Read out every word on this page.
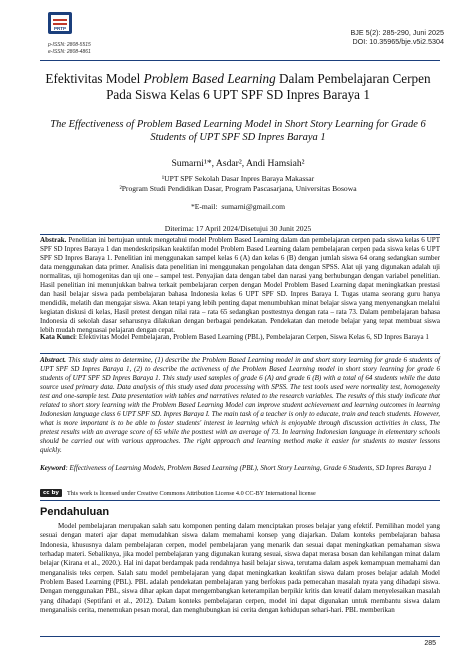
PRTP
p-ISSN: 2808-5515
e-ISSN: 2808-4861
BJE 5(2): 285-290, Juni 2025
DOI: 10.35965/bje.v5i2.5304
Efektivitas Model Problem Based Learning Dalam Pembelajaran Cerpen Pada Siswa Kelas 6 UPT SPF SD Inpres Baraya 1
The Effectiveness of Problem Based Learning Model in Short Story Learning for Grade 6 Students of UPT SPF SD Inpres Baraya 1
Sumarni¹*, Asdar², Andi Hamsiah²
¹UPT SPF Sekolah Dasar Inpres Baraya Makassar
²Program Studi Pendidikan Dasar, Program Pascasarjana, Universitas Bosowa
*E-mail: sumarni@gmail.com
Diterima: 17 April 2024/Disetujui 30 Junit 2025

Abstrak. Penelitian ini bertujuan untuk mengetahui model Problem Based Learning dalam dan pembelajaran cerpen pada siswa kelas 6 UPT SPF SD Inpres Baraya 1 dan mendeskripsikan keaktifan model Problem Based Learning dalam pembelajaran cerpen pada siswa kelas 6 UPT SPF SD Inpres Baraya 1. Penelitian ini menggunakan sampel kelas 6 (A) dan kelas 6 (B) dengan jumlah siswa 64 orang sedangkan sumber data menggunakan data primer. Analisis data penelitian ini menggunakan pengolahan data dengan SPSS. Alat uji yang digunakan adalah uji normalitas, uji homogenitas dan uji one – sampel test. Penyajian data dengan tabel dan narasi yang berhubungan dengan variabel penelitian. Hasil penelitian ini menunjukkan bahwa terkait pembelajaran cerpen dengan Model Problem Based Learning dapat meningkatkan prestasi dan hasil belajar siswa pada pembelajaran bahasa Indonesia kelas 6 UPT SPF SD. Inpres Baraya I. Tugas utama seorang guru hanya mendidik, melatih dan mengajar siswa. Akan tetapi yang lebih penting dapat menumbuhkan minat belajar siswa yang menyenangkan melalui kegiatan diskusi di kelas, Hasil pretest dengan nilai rata – rata 65 sedangkan posttestnya dengan rata – rata 73. Dalam pembelajaran bahasa Indonesia di sekolah dasar seharusnya dilakukan dengan berbagai pendekatan. Pendekatan dan metode belajar yang tepat membuat siswa lebih mudah menguasai pelajaran dengan cepat.

Kata Kunci: Efektivitas Model Pembelajaran, Problem Based Learning (PBL), Pembelajaran Cerpen, Siswa Kelas 6, SD Inpres Baraya 1
Abstract. This study aims to determine, (1) describe the Problem Based Learning model in and short story learning for grade 6 students of UPT SPF SD Inpres Baraya 1, (2) to describe the activeness of the Problem Based Learning model in short story learning for grade 6 students of UPT SPF SD Inpres Baraya 1. This study used samples of grade 6 (A) and grade 6 (B) with a total of 64 students while the data source used primary data. Data analysis of this study used data processing with SPSS. The test tools used were normality test, homogeneity test and one-sample test. Data presentation with tables and narratives related to the research variables. The results of this study indicate that related to short story learning with the Problem Based Learning Model can improve student achievement and learning outcomes in learning Indonesian language class 6 UPT SPF SD. Inpres Baraya I. The main task of a teacher is only to educate, train and teach students. However, what is more important is to be able to foster students' interest in learning which is enjoyable through discussion activities in class, The pretest results with an average score of 65 while the posttest with an average of 73. In learning Indonesian language in elementary schools should be carried out with various approaches. The right approach and learning method make it easier for students to master lessons quickly.
Keyword: Effectiveness of Learning Models, Problem Based Learning (PBL), Short Story Learning, Grade 6 Students, SD Inpres Baraya 1
cc by	This work is licensed under Creative Commons Attribution License 4.0 CC-BY International license
Pendahuluan
Model pembelajaran merupakan salah satu komponen penting dalam menciptakan proses belajar yang efektif. Pemilihan model yang sesuai dengan materi ajar dapat memudahkan siswa dalam memahami konsep yang diajarkan. Dalam konteks pembelajaran bahasa Indonesia, khususnya dalam pembelajaran cerpen, model pembelajaran yang menarik dan sesuai dapat meningkatkan pemahaman siswa terhadap materi. Sebaliknya, jika model pembelajaran yang digunakan kurang sesuai, siswa dapat merasa bosan dan kehilangan minat dalam belajar (Kirana et al., 2020.). Hal ini dapat berdampak pada rendahnya hasil belajar siswa, terutama dalam aspek kemampuan memahami dan menganalisis teks cerpen. Salah satu model pembelajaran yang dapat meningkatkan keaktifan siswa dalam proses belajar adalah Model Problem Based Learning (PBL). PBL adalah pendekatan pembelajaran yang berfokus pada pemecahan masalah nyata yang dihadapi siswa. Dengan menggunakan PBL, siswa dihar apkan dapat mengembangkan keterampilan berpikir kritis dan kreatif dalam menyelesaikan masalah yang dihadapi (Septifani et al., 2012). Dalam konteks pembelajaran cerpen, model ini dapat digunakan untuk membantu siswa dalam menganalisis cerita, menemukan pesan moral, dan menghubungkan isi cerita dengan kehidupan sehari-hari. PBL memberikan
285
